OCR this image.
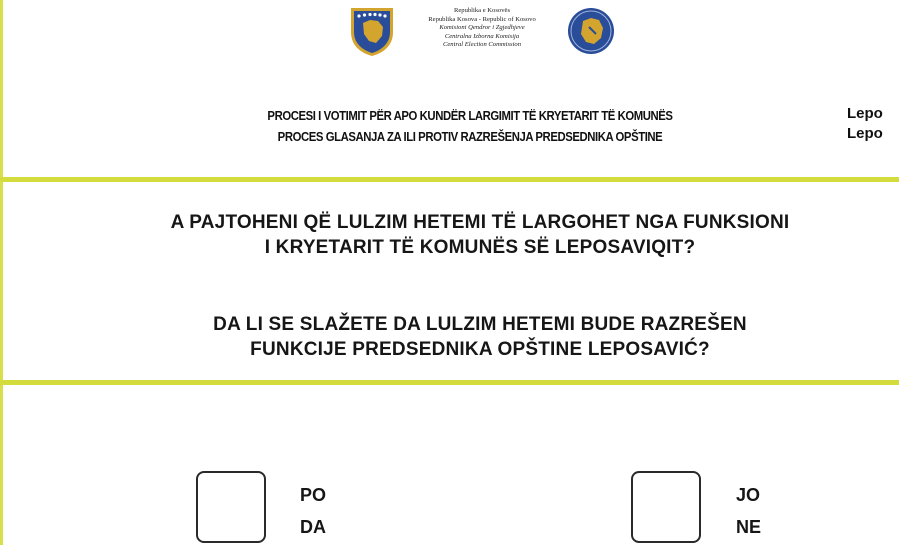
Republika e Kosovës
Republika Kosova - Republic of Kosovo
Komisioni Qendror i Zgjedhjeve
Centralna Izborna Komisija
Central Election Commission
PROCESI I VOTIMIT PËR APO KUNDËR LARGIMIT TË KRYETARIT TË KOMUNËS
PROCES GLASANJA ZA ILI PROTIV RAZREŠENJA PREDSEDNIKA OPŠTINE
Lepo
Lepo
A PAJTOHENI QË LULZIM HETEMI TË LARGOHET NGA FUNKSIONI
I KRYETARIT TË KOMUNËS SË LEPOSAVIQIT?
DA LI SE SLAŽETE DA LULZIM HETEMI BUDE RAZREŠEN
FUNKCIJE PREDSEDNIKA OPŠTINE LEPOSAVIĆ?
PO
DA
JO
NE
